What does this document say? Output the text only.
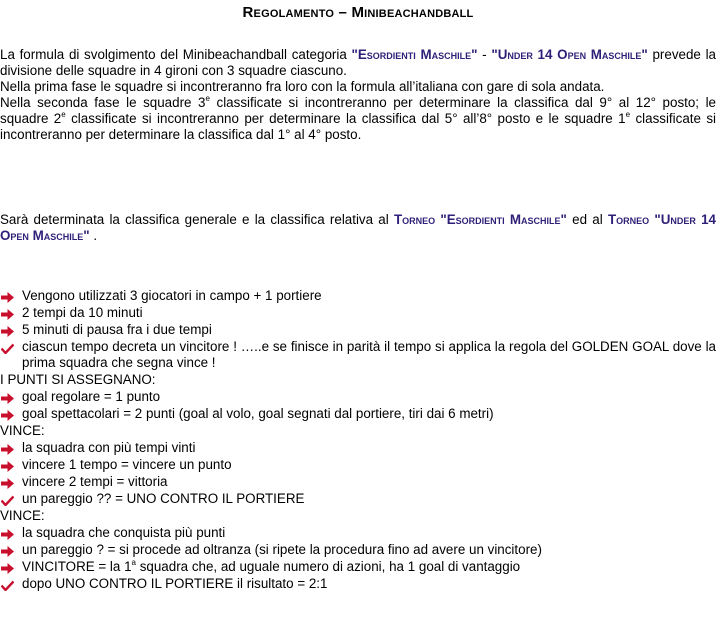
Regolamento – Minibeachandball
La formula di svolgimento del Minibeachandball categoria "Esordienti Maschile" - "Under 14 Open Maschile" prevede la divisione delle squadre in 4 gironi con 3 squadre ciascuno.
Nella prima fase le squadre si incontreranno fra loro con la formula all’italiana con gare di sola andata.
Nella seconda fase le squadre 3e classificate si incontreranno per determinare la classifica dal 9° al 12° posto; le squadre 2e classificate si incontreranno per determinare la classifica dal 5° all’8° posto e le squadre 1e classificate si incontreranno per determinare la classifica dal 1° al 4° posto.
Sarà determinata la classifica generale e la classifica relativa al Torneo "Esordienti Maschile" ed al Torneo "Under 14 Open Maschile" .
Vengono utilizzati 3 giocatori in campo + 1 portiere
2 tempi da 10 minuti
5 minuti di pausa fra i due tempi
ciascun tempo decreta un vincitore ! …..e se finisce in parità il tempo si applica la regola del GOLDEN GOAL dove la prima squadra che segna vince !
I PUNTI SI ASSEGNANO:
goal regolare = 1 punto
goal spettacolari = 2 punti (goal al volo, goal segnati dal portiere, tiri dai 6 metri)
VINCE:
la squadra con più tempi vinti
vincere 1 tempo = vincere un punto
vincere 2 tempi = vittoria
un pareggio ?? = UNO CONTRO IL PORTIERE
VINCE:
la squadra che conquista più punti
un pareggio ? = si procede ad oltranza (si ripete la procedura fino ad avere un vincitore)
VINCITORE = la 1$^a$ squadra che, ad uguale numero di azioni, ha 1 goal di vantaggio
dopo UNO CONTRO IL PORTIERE il risultato = 2:1
